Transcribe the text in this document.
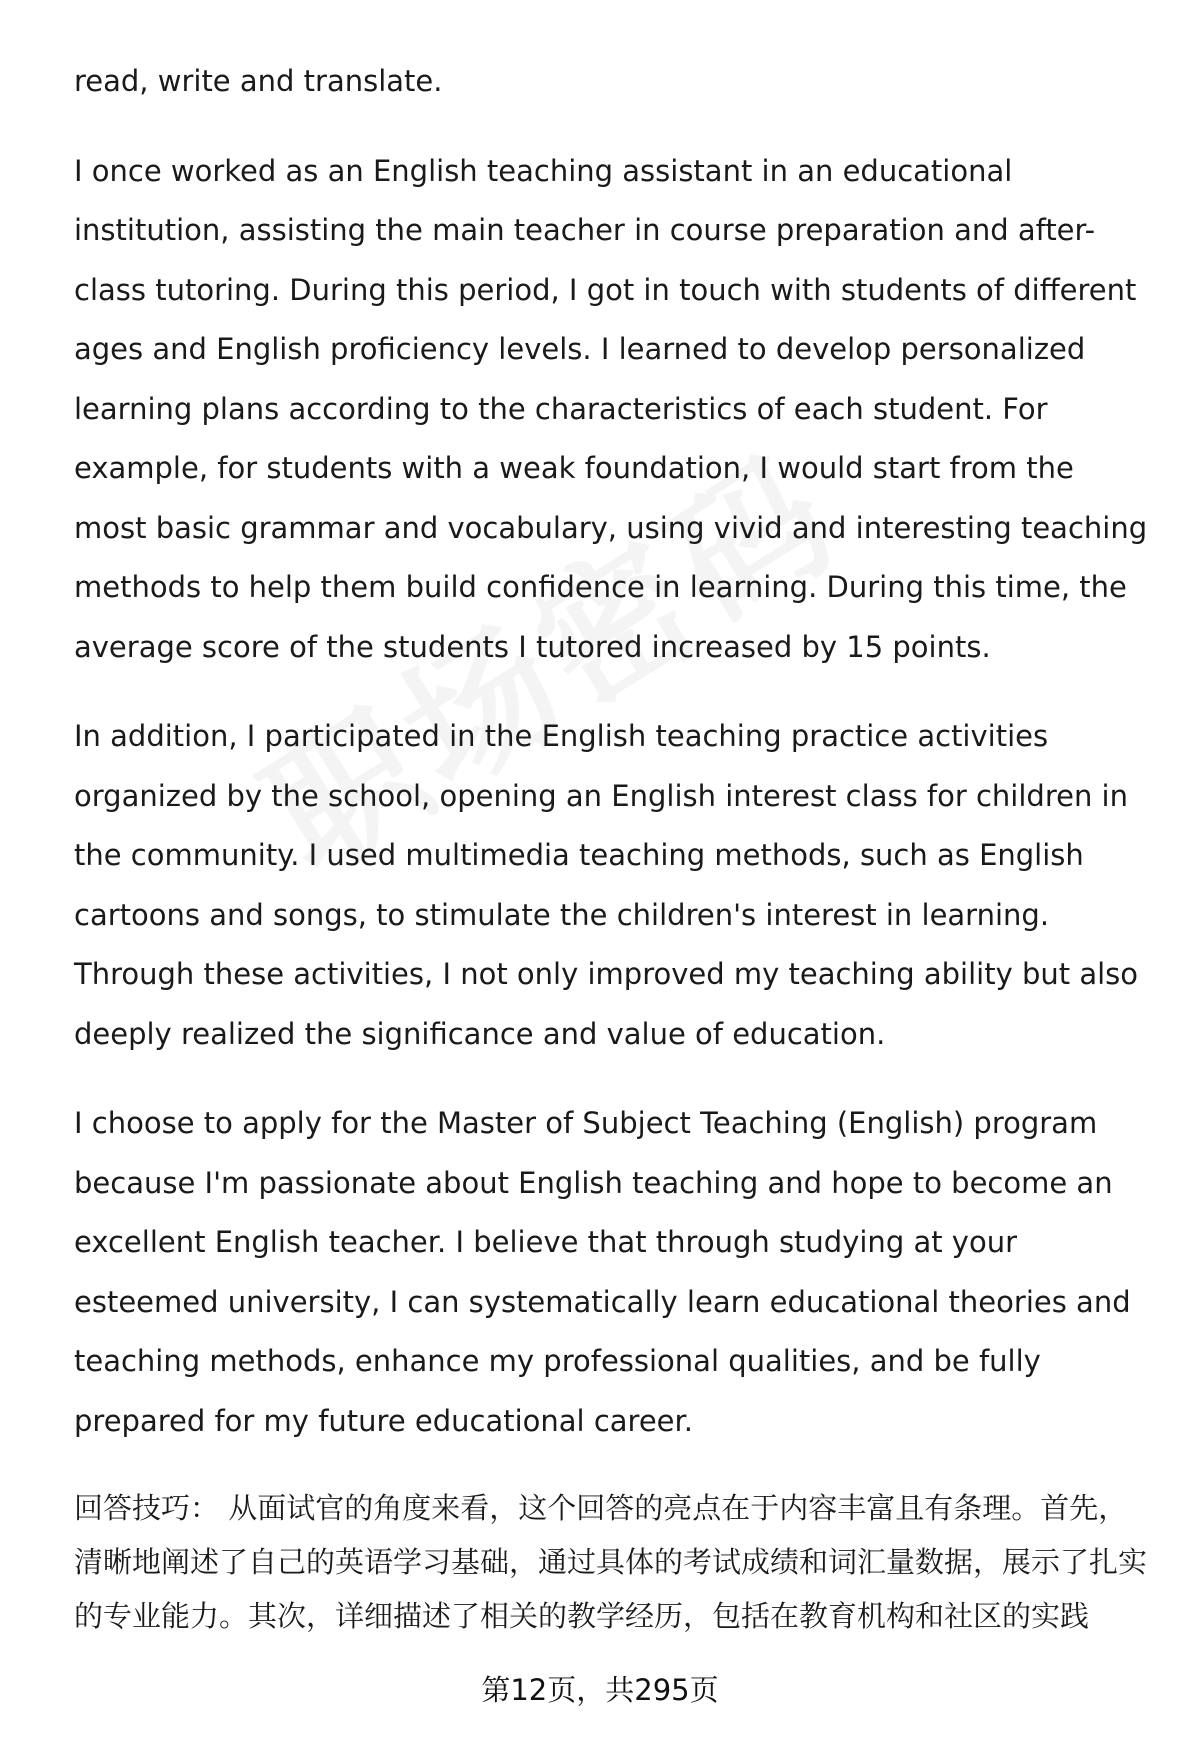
read, write and translate.

I once worked as an English teaching assistant in an educational institution, assisting the main teacher in course preparation and after-class tutoring. During this period, I got in touch with students of different ages and English proficiency levels. I learned to develop personalized learning plans according to the characteristics of each student. For example, for students with a weak foundation, I would start from the most basic grammar and vocabulary, using vivid and interesting teaching methods to help them build confidence in learning. During this time, the average score of the students I tutored increased by 15 points.

In addition, I participated in the English teaching practice activities organized by the school, opening an English interest class for children in the community. I used multimedia teaching methods, such as English cartoons and songs, to stimulate the children's interest in learning. Through these activities, I not only improved my teaching ability but also deeply realized the significance and value of education.

I choose to apply for the Master of Subject Teaching (English) program because I'm passionate about English teaching and hope to become an excellent English teacher. I believe that through studying at your esteemed university, I can systematically learn educational theories and teaching methods, enhance my professional qualities, and be fully prepared for my future educational career.

回答技巧： 从面试官的角度来看，这个回答的亮点在于内容丰富且有条理。首先，清晰地阐述了自己的英语学习基础，通过具体的考试成绩和词汇量数据，展示了扎实的专业能力。其次，详细描述了相关的教学经历，包括在教育机构和社区的实践

第12页，共295页
